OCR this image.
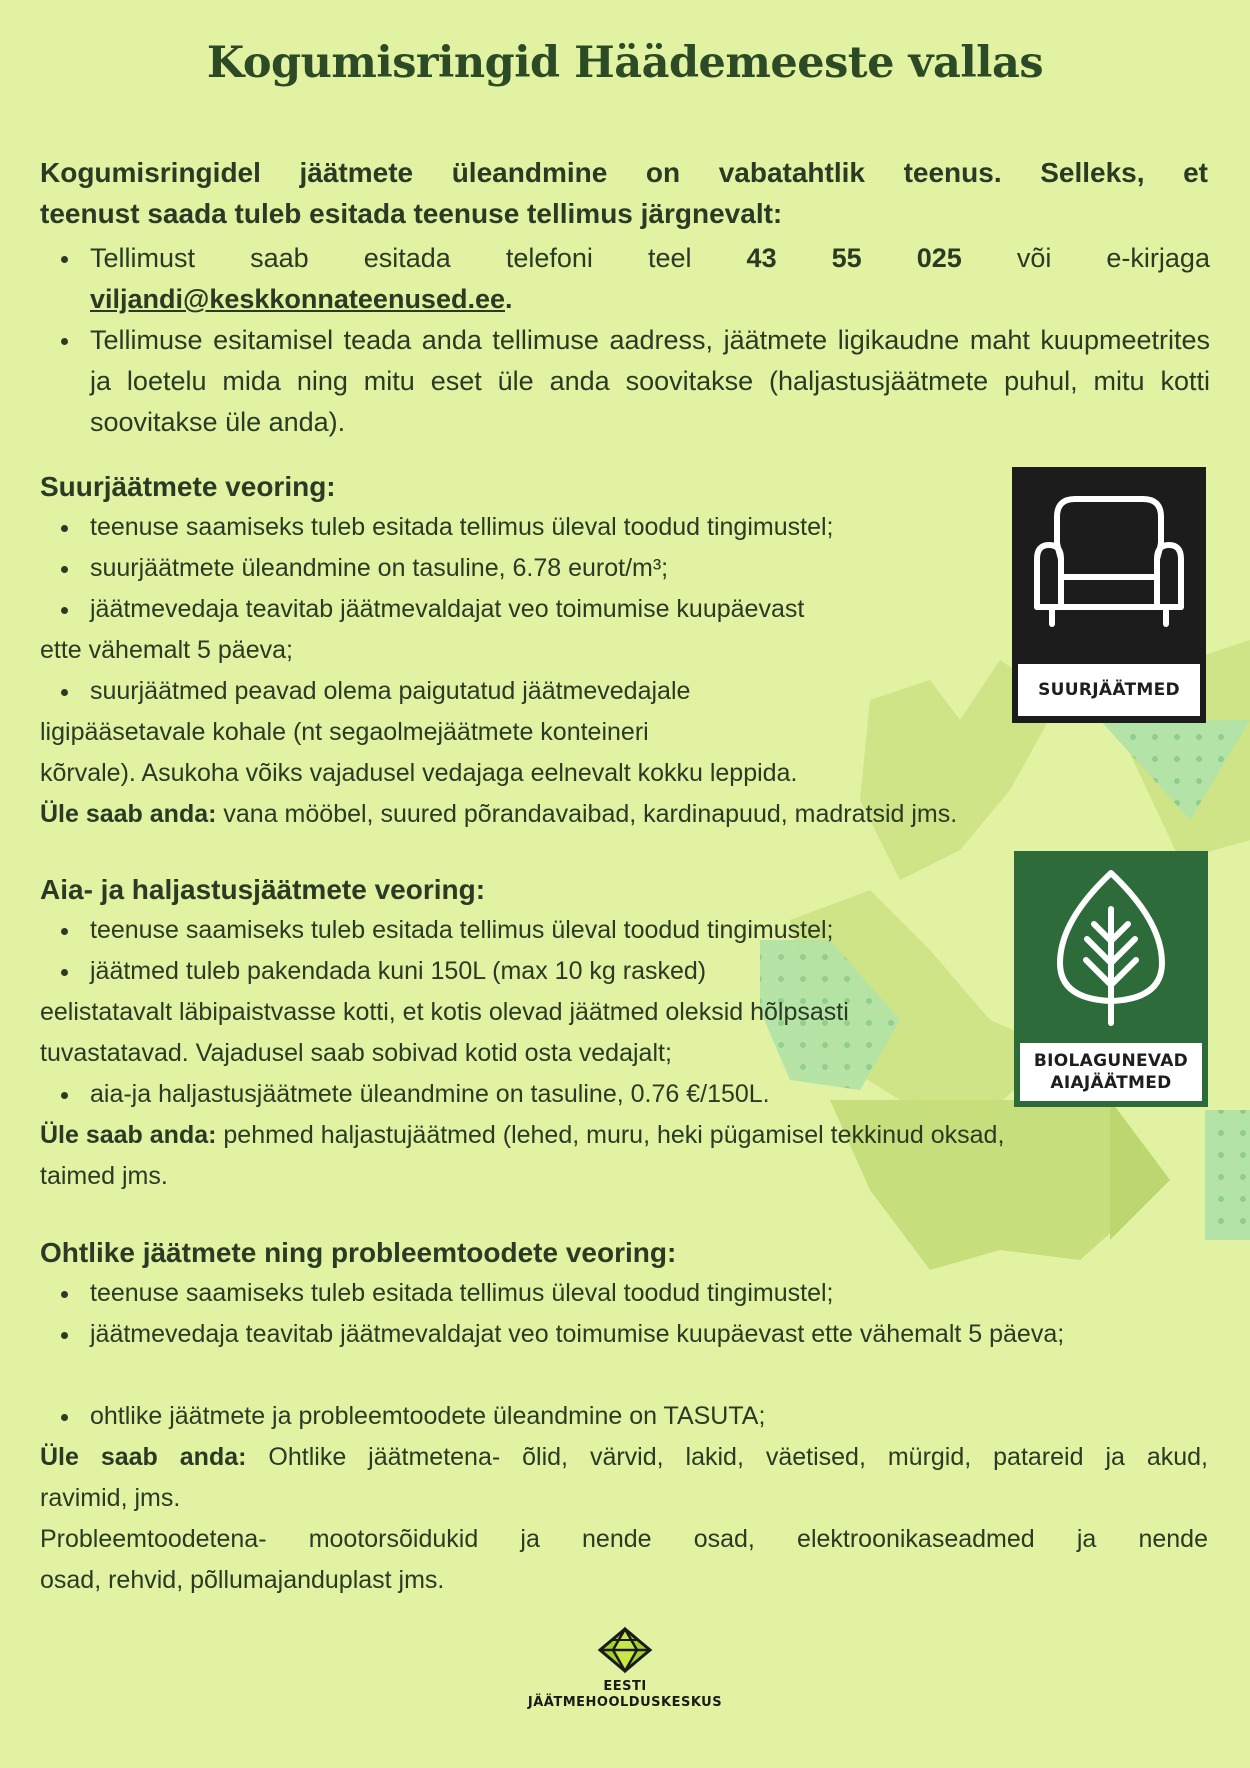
Kogumisringid Häädemeeste vallas
Kogumisringidel jäätmete üleandmine on vabatahtlik teenus. Selleks, et
teenust saada tuleb esitada teenuse tellimus järgnevalt:
Tellimust saab esitada telefoni teel 43 55 025 või e-kirjaga
viljandi@keskkonnateenused.ee.
Tellimuse esitamisel teada anda tellimuse aadress, jäätmete ligikaudne maht kuupmeetrites ja loetelu mida ning mitu eset üle anda soovitakse (haljastusjäätmete puhul, mitu kotti soovitakse üle anda).
Suurjäätmete veoring:
teenuse saamiseks tuleb esitada tellimus üleval toodud tingimustel;
suurjäätmete üleandmine on tasuline, 6.78 eurot/m³;
jäätmevedaja teavitab jäätmevaldajat veo toimumise kuupäevast
ette vähemalt 5 päeva;
suurjäätmed peavad olema paigutatud jäätmevedajale
ligipääsetavale kohale (nt segaolmejäätmete konteineri
kõrvale). Asukoha võiks vajadusel vedajaga eelnevalt kokku leppida.
Üle saab anda: vana mööbel, suured põrandavaibad, kardinapuud, madratsid jms.
SUURJÄÄTMED
Aia- ja haljastusjäätmete veoring:
teenuse saamiseks tuleb esitada tellimus üleval toodud tingimustel;
jäätmed tuleb pakendada kuni 150L (max 10 kg rasked)
eelistatavalt läbipaistvasse kotti, et kotis olevad jäätmed oleksid hõlpsasti
tuvastatavad. Vajadusel saab sobivad kotid osta vedajalt;
aia-ja haljastusjäätmete üleandmine on tasuline, 0.76 €/150L.
Üle saab anda: pehmed haljastujäätmed (lehed, muru, heki pügamisel tekkinud oksad,
taimed jms.
BIOLAGUNEVAD
AIAJÄÄTMED
Ohtlike jäätmete ning probleemtoodete veoring:
teenuse saamiseks tuleb esitada tellimus üleval toodud tingimustel;
jäätmevedaja teavitab jäätmevaldajat veo toimumise kuupäevast ette vähemalt 5 päeva;
ohtlike jäätmete ja probleemtoodete üleandmine on TASUTA;
Üle saab anda: Ohtlike jäätmetena- õlid, värvid, lakid, väetised, mürgid, patareid ja akud,
ravimid, jms.
Probleemtoodetena- mootorsõidukid ja nende osad, elektroonikaseadmed ja nende
osad, rehvid, põllumajanduplast jms.
EESTI
JÄÄTMEHOOLDUSKESKUS
